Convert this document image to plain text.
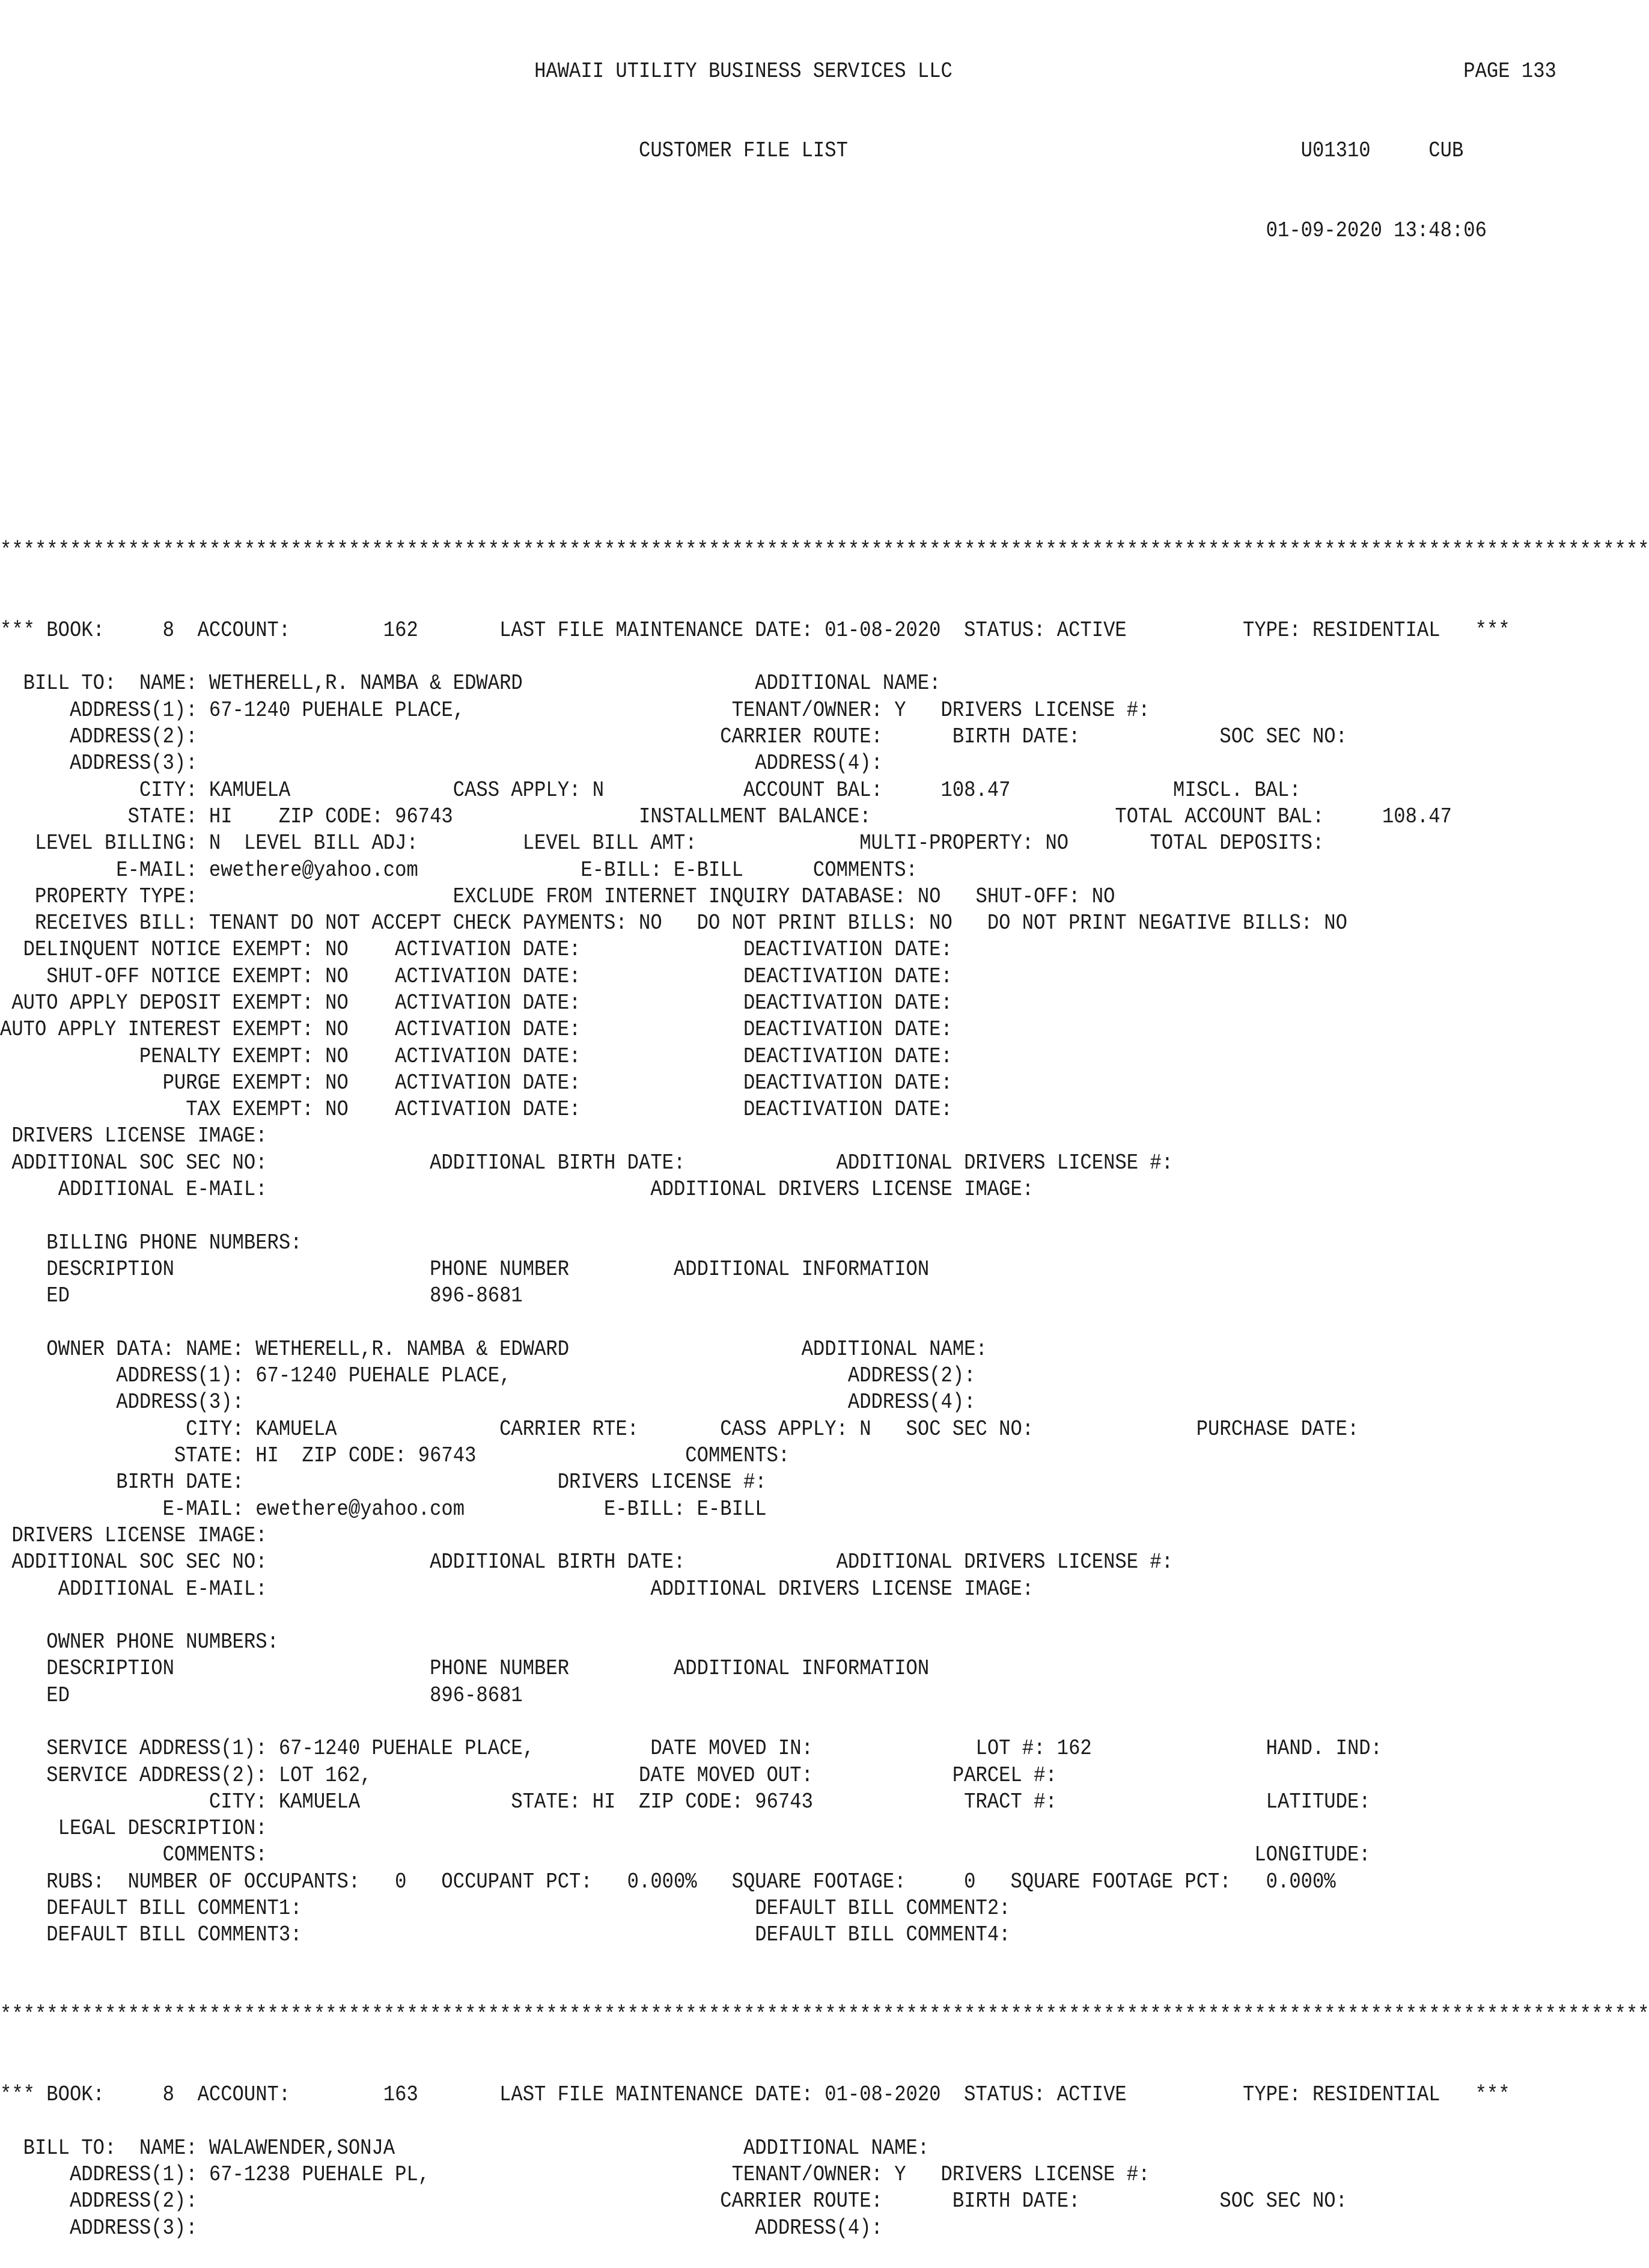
HAWAII UTILITY BUSINESS SERVICES LLC	PAGE 133

CUSTOMER FILE LIST	U01310	CUB

01-09-2020 13:48:06

**********************************************************************************************************************************************
*** BOOK:     8  ACCOUNT:        162       LAST FILE MAINTENANCE DATE: 01-08-2020  STATUS: ACTIVE          TYPE: RESIDENTIAL   ***
BILL TO:  NAME: WETHERELL,R. NAMBA & EDWARD                    ADDITIONAL NAME:
ADDRESS(1): 67-1240 PUEHALE PLACE,                       TENANT/OWNER: Y   DRIVERS LICENSE #:
ADDRESS(2):                                             CARRIER ROUTE:      BIRTH DATE:            SOC SEC NO:
ADDRESS(3):                                                ADDRESS(4):
CITY: KAMUELA              CASS APPLY: N            ACCOUNT BAL:     108.47              MISCL. BAL:
STATE: HI    ZIP CODE: 96743                INSTALLMENT BALANCE:                     TOTAL ACCOUNT BAL:     108.47
LEVEL BILLING: N  LEVEL BILL ADJ:         LEVEL BILL AMT:              MULTI-PROPERTY: NO       TOTAL DEPOSITS:
E-MAIL: ewethere@yahoo.com              E-BILL: E-BILL      COMMENTS:
PROPERTY TYPE:                      EXCLUDE FROM INTERNET INQUIRY DATABASE: NO   SHUT-OFF: NO
RECEIVES BILL: TENANT DO NOT ACCEPT CHECK PAYMENTS: NO   DO NOT PRINT BILLS: NO   DO NOT PRINT NEGATIVE BILLS: NO
DELINQUENT NOTICE EXEMPT: NO    ACTIVATION DATE:              DEACTIVATION DATE:
SHUT-OFF NOTICE EXEMPT: NO    ACTIVATION DATE:              DEACTIVATION DATE:
AUTO APPLY DEPOSIT EXEMPT: NO    ACTIVATION DATE:              DEACTIVATION DATE:
AUTO APPLY INTEREST EXEMPT: NO    ACTIVATION DATE:              DEACTIVATION DATE:
PENALTY EXEMPT: NO    ACTIVATION DATE:              DEACTIVATION DATE:
PURGE EXEMPT: NO    ACTIVATION DATE:              DEACTIVATION DATE:
TAX EXEMPT: NO    ACTIVATION DATE:              DEACTIVATION DATE:
DRIVERS LICENSE IMAGE:
ADDITIONAL SOC SEC NO:              ADDITIONAL BIRTH DATE:             ADDITIONAL DRIVERS LICENSE #:
ADDITIONAL E-MAIL:                                 ADDITIONAL DRIVERS LICENSE IMAGE:
BILLING PHONE NUMBERS:
DESCRIPTION                      PHONE NUMBER         ADDITIONAL INFORMATION
ED                               896-8681
OWNER DATA: NAME: WETHERELL,R. NAMBA & EDWARD                    ADDITIONAL NAME:
ADDRESS(1): 67-1240 PUEHALE PLACE,                             ADDRESS(2):
ADDRESS(3):                                                    ADDRESS(4):
CITY: KAMUELA              CARRIER RTE:       CASS APPLY: N   SOC SEC NO:              PURCHASE DATE:
STATE: HI  ZIP CODE: 96743                  COMMENTS:
BIRTH DATE:                           DRIVERS LICENSE #:
E-MAIL: ewethere@yahoo.com            E-BILL: E-BILL
DRIVERS LICENSE IMAGE:
ADDITIONAL SOC SEC NO:              ADDITIONAL BIRTH DATE:             ADDITIONAL DRIVERS LICENSE #:
ADDITIONAL E-MAIL:                                 ADDITIONAL DRIVERS LICENSE IMAGE:
OWNER PHONE NUMBERS:
DESCRIPTION                      PHONE NUMBER         ADDITIONAL INFORMATION
ED                               896-8681
SERVICE ADDRESS(1): 67-1240 PUEHALE PLACE,          DATE MOVED IN:              LOT #: 162               HAND. IND:
SERVICE ADDRESS(2): LOT 162,                       DATE MOVED OUT:            PARCEL #:
CITY: KAMUELA             STATE: HI  ZIP CODE: 96743             TRACT #:                  LATITUDE:
LEGAL DESCRIPTION:
COMMENTS:                                                                                     LONGITUDE:
RUBS:  NUMBER OF OCCUPANTS:   0   OCCUPANT PCT:   0.000%   SQUARE FOOTAGE:     0   SQUARE FOOTAGE PCT:   0.000%
DEFAULT BILL COMMENT1:                                       DEFAULT BILL COMMENT2:
DEFAULT BILL COMMENT3:                                       DEFAULT BILL COMMENT4:
**********************************************************************************************************************************************
*** BOOK:     8  ACCOUNT:        163       LAST FILE MAINTENANCE DATE: 01-08-2020  STATUS: ACTIVE          TYPE: RESIDENTIAL   ***
BILL TO:  NAME: WALAWENDER,SONJA                              ADDITIONAL NAME:
ADDRESS(1): 67-1238 PUEHALE PL,                          TENANT/OWNER: Y   DRIVERS LICENSE #:
ADDRESS(2):                                             CARRIER ROUTE:      BIRTH DATE:            SOC SEC NO:
ADDRESS(3):                                                ADDRESS(4):
